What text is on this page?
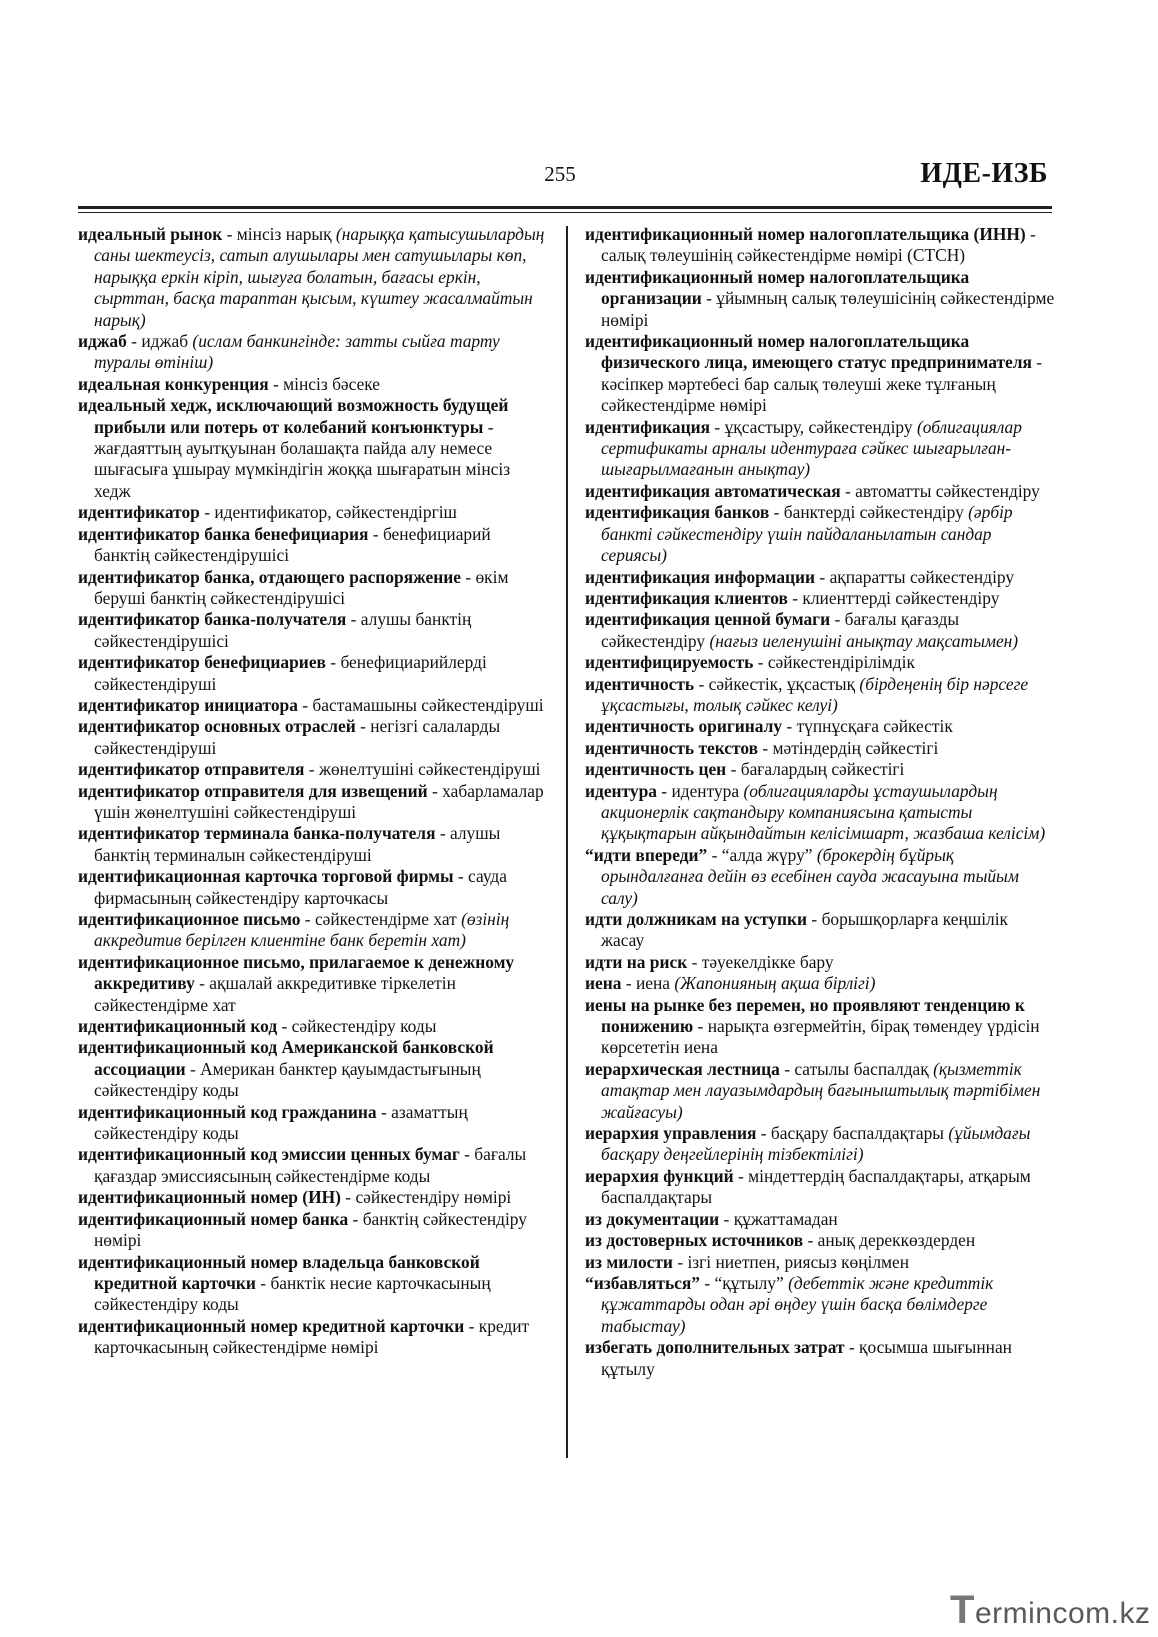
255	ИДЕ-ИЗБ

идеальный рынок - мінсіз нарық (нарыққа қатысушылардың саны шектеусіз, сатып алушылары мен сатушылары көп, нарыққа еркін кіріп, шығуға болатын, бағасы еркін, сырттан, басқа тараптан қысым, күштеу жасалмайтын нарық)

иджаб - иджаб (ислам банкингінде: затты сыйға тарту туралы өтініш)

идеальная конкуренция - мінсіз бәсеке

идеальный хедж, исключающий возможность будущей прибыли или потерь от колебаний конъюнктуры - жағдаяттың ауытқуынан болашақта пайда алу немесе шығасыға ұшырау мүмкіндігін жоққа шығаратын мінсіз хедж

идентификатор - идентификатор, сәйкестендіргіш

идентификатор банка бенефициария - бенефициарий банктің сәйкестендірушісі

идентификатор банка, отдающего распоряжение - өкім беруші банктің сәйкестендірушісі

идентификатор банка-получателя - алушы банктің сәйкестендірушісі

идентификатор бенефициариев - бенефициарийлерді сәйкестендіруші

идентификатор инициатора - бастамашыны сәйкестендіруші

идентификатор основных отраслей - негізгі салаларды сәйкестендіруші

идентификатор отправителя - жөнелтушіні сәйкестендіруші

идентификатор отправителя для извещений - хабарламалар үшін жөнелтушіні сәйкестендіруші

идентификатор терминала банка-получателя - алушы банктің терминалын сәйкестендіруші

идентификационная карточка торговой фирмы - сауда фирмасының сәйкестендіру карточкасы

идентификационное письмо - сәйкестендірме хат (өзінің аккредитив берілген клиентіне банк беретін хат)

идентификационное письмо, прилагаемое к денежному аккредитиву - ақшалай аккредитивке тіркелетін сәйкестендірме хат

идентификационный код - сәйкестендіру коды

идентификационный код Американской банковской ассоциации - Американ банктер қауымдастығының сәйкестендіру коды

идентификационный код гражданина - азаматтың сәйкестендіру коды

идентификационный код эмиссии ценных бумаг - бағалы қағаздар эмиссиясының сәйкестендірме коды

идентификационный номер (ИН) - сәйкестендіру нөмірі

идентификационный номер банка - банктің сәйкестендіру нөмірі

идентификационный номер владельца банковской кредитной карточки - банктік несие карточкасының сәйкестендіру коды

идентификационный номер кредитной карточки - кредит карточкасының сәйкестендірме нөмірі

идентификационный номер налогоплательщика (ИНН) - салық төлеушінің сәйкестендірме нөмірі (СТСН)

идентификационный номер налогоплательщика организации - ұйымның салық төлеушісінің сәйкестендірме нөмірі

идентификационный номер налогоплательщика физического лица, имеющего статус предпринимателя - кәсіпкер мәртебесі бар салық төлеуші жеке тұлғаның сәйкестендірме нөмірі

идентификация - ұқсастыру, сәйкестендіру (облигациялар сертификаты арналы идентураға сәйкес шығарылған-шығарылмағанын анықтау)

идентификация автоматическая - автоматты сәйкестендіру

идентификация банков - банктерді сәйкестендіру (әрбір банкті сәйкестендіру үшін пайдаланылатын сандар сериясы)

идентификация информации - ақпаратты сәйкестендіру

идентификация клиентов - клиенттерді сәйкестендіру

идентификация ценной бумаги - бағалы қағазды сәйкестендіру (нағыз иеленушіні анықтау мақсатымен)

идентифицируемость - сәйкестендірілімдік

идентичность - сәйкестік, ұқсастық (бірдеңенің бір нәрсеге ұқсастығы, толық сәйкес келуі)

идентичность оригиналу - түпнұсқаға сәйкестік

идентичность текстов - мәтіндердің сәйкестігі

идентичность цен - бағалардың сәйкестігі

идентура - идентура (облигацияларды ұстаушылардың акционерлік сақтандыру компаниясына қатысты құқықтарын айқындайтын келісімшарт, жазбаша келісім)

“идти впереди” - “алда жүру” (брокердің бұйрық орындалғанға дейін өз есебінен сауда жасауына тыйым салу)

идти должникам на уступки - борышқорларға кеңшілік жасау

идти на риск - тәуекелдікке бару

иена - иена (Жапонияның ақша бірлігі)

иены на рынке без перемен, но проявляют тенденцию к понижению - нарықта өзгермейтін, бірақ төмендеу үрдісін көрсететін иена

иерархическая лестница - сатылы баспалдақ (қызметтік атақтар мен лауазымдардың бағыныштылық тәртібімен жайғасуы)

иерархия управления - басқару баспалдақтары (ұйымдағы басқару деңгейлерінің тізбектілігі)

иерархия функций - міндеттердің баспалдақтары, атқарым баспалдақтары

из документации - құжаттамадан

из достоверных источников - анық дереккөздерден

из милости - ізгі ниетпен, риясыз көңілмен

“избавляться” - “құтылу” (дебеттік және кредиттік құжаттарды одан әрі өңдеу үшін басқа бөлімдерге табыстау)

избегать дополнительных затрат - қосымша шығыннан құтылу

Termincom.kz
